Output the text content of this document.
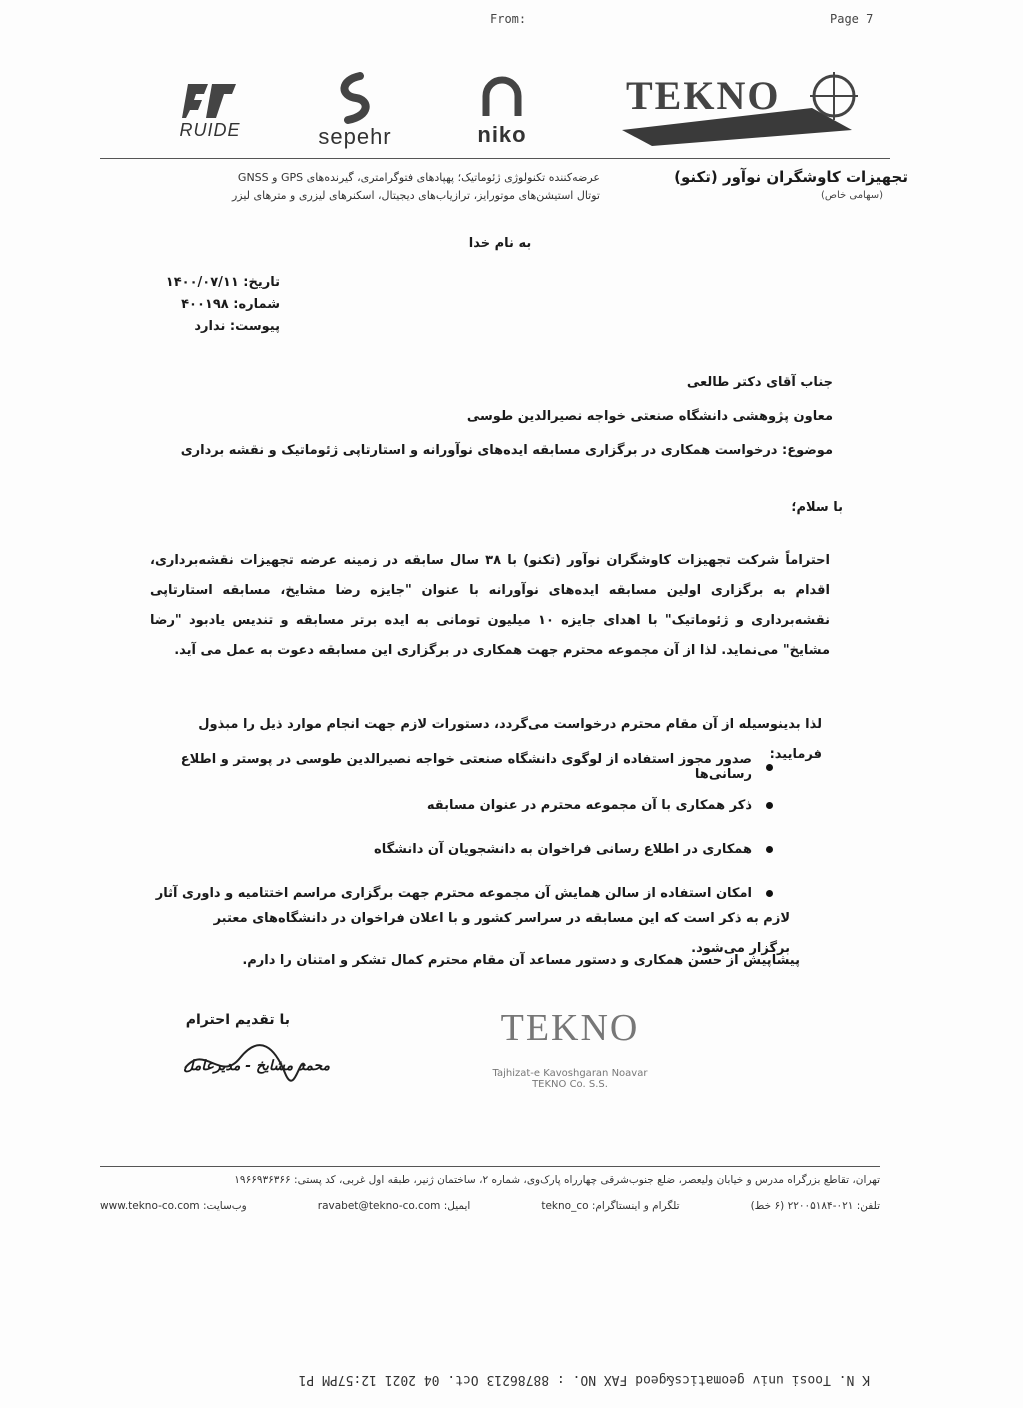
From:	Page 7
RUIDE	sepehr	niko
TEKNO
تجهیزات کاوشگران نوآور (تکنو)
(سهامی خاص)
عرضه‌کننده تکنولوژی ژئوماتیک؛ پهپادهای فتوگرامتری، گیرنده‌های GPS و GNSS
توتال استیشن‌های موتورایز، ترازیاب‌های دیجیتال، اسکنرهای لیزری و مترهای لیزر
به نام خدا
تاریخ: ۱۴۰۰/۰۷/۱۱
شماره: ۴۰۰۱۹۸
پیوست: ندارد
جناب آقای دکتر طالعی
معاون پژوهشی دانشگاه صنعتی خواجه نصیرالدین طوسی
موضوع: درخواست همکاری در برگزاری مسابقه ایده‌های نوآورانه و استارتاپی ژئوماتیک و نقشه برداری
با سلام؛
احتراماً شرکت تجهیزات کاوشگران نوآور (تکنو) با ۳۸ سال سابقه در زمینه عرضه تجهیزات نقشه‌برداری، اقدام به برگزاری اولین مسابقه ایده‌های نوآورانه با عنوان "جایزه رضا مشایخ، مسابقه استارتاپی نقشه‌برداری و ژئوماتیک" با اهدای جایزه ۱۰ میلیون تومانی به ایده برتر مسابقه و تندیس یادبود "رضا مشایخ" می‌نماید. لذا از آن مجموعه محترم جهت همکاری در برگزاری این مسابقه دعوت به عمل می آید.
لذا بدینوسیله از آن مقام محترم درخواست می‌گردد، دستورات لازم جهت انجام موارد ذیل را مبذول فرمایید:
صدور مجوز استفاده از لوگوی دانشگاه صنعتی خواجه نصیرالدین طوسی در پوستر و اطلاع رسانی‌ها
ذکر همکاری با آن مجموعه محترم در عنوان مسابقه
همکاری در اطلاع رسانی فراخوان به دانشجویان آن دانشگاه
امکان استفاده از سالن همایش آن مجموعه محترم جهت برگزاری مراسم اختتامیه و داوری آثار
لازم به ذکر است که این مسابقه در سراسر کشور و با اعلان فراخوان در دانشگاه‌های معتبر برگزار می‌شود.
پیشاپیش از حسن همکاری و دستور مساعد آن مقام محترم کمال تشکر و امتنان را دارم.
با تقدیم احترام
محمد مشایخ - مدیرعامل
TEKNO
Tajhizat-e Kavoshgaran Noavar
TEKNO Co. S.S.
تهران، تقاطع بزرگراه مدرس و خیابان ولیعصر، ضلع جنوب‌شرقی چهارراه پارک‌وی، شماره ۲، ساختمان ژنیر، طبقه اول غربی، کد پستی: ۱۹۶۶۹۳۶۳۶۶
تلفن: ۰۲۱-۲۲۰۰۵۱۸۴ (۶ خط)
تلگرام و اینستاگرام: tekno_co
ایمیل: ravabet@tekno-co.com
وب‌سایت: www.tekno-co.com
K N. Toosi univ geomatics&geod FAX NO. : 88786213 Oct. 04 2021 12:57PM P1
